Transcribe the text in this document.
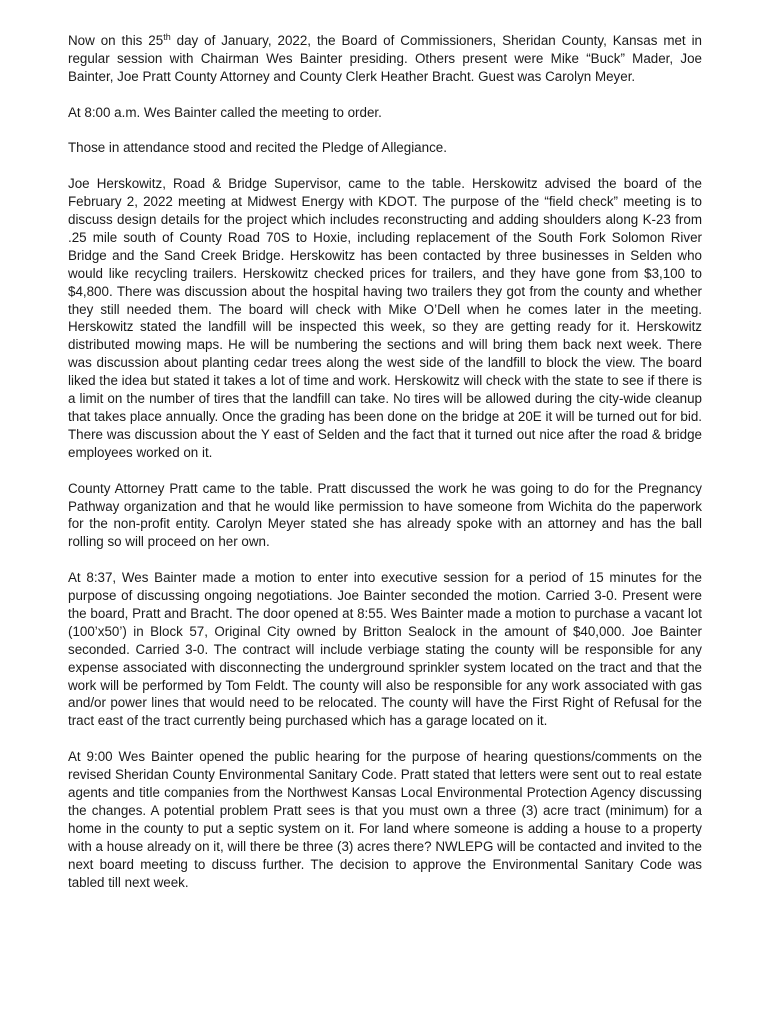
Now on this 25th day of January, 2022, the Board of Commissioners, Sheridan County, Kansas met in regular session with Chairman Wes Bainter presiding. Others present were Mike “Buck” Mader, Joe Bainter, Joe Pratt County Attorney and County Clerk Heather Bracht. Guest was Carolyn Meyer.

At 8:00 a.m. Wes Bainter called the meeting to order.

Those in attendance stood and recited the Pledge of Allegiance.

Joe Herskowitz, Road & Bridge Supervisor, came to the table. Herskowitz advised the board of the February 2, 2022 meeting at Midwest Energy with KDOT. The purpose of the “field check” meeting is to discuss design details for the project which includes reconstructing and adding shoulders along K-23 from .25 mile south of County Road 70S to Hoxie, including replacement of the South Fork Solomon River Bridge and the Sand Creek Bridge. Herskowitz has been contacted by three businesses in Selden who would like recycling trailers. Herskowitz checked prices for trailers, and they have gone from $3,100 to $4,800. There was discussion about the hospital having two trailers they got from the county and whether they still needed them. The board will check with Mike O’Dell when he comes later in the meeting. Herskowitz stated the landfill will be inspected this week, so they are getting ready for it. Herskowitz distributed mowing maps. He will be numbering the sections and will bring them back next week. There was discussion about planting cedar trees along the west side of the landfill to block the view. The board liked the idea but stated it takes a lot of time and work. Herskowitz will check with the state to see if there is a limit on the number of tires that the landfill can take. No tires will be allowed during the city-wide cleanup that takes place annually. Once the grading has been done on the bridge at 20E it will be turned out for bid. There was discussion about the Y east of Selden and the fact that it turned out nice after the road & bridge employees worked on it.

County Attorney Pratt came to the table. Pratt discussed the work he was going to do for the Pregnancy Pathway organization and that he would like permission to have someone from Wichita do the paperwork for the non-profit entity. Carolyn Meyer stated she has already spoke with an attorney and has the ball rolling so will proceed on her own.

At 8:37, Wes Bainter made a motion to enter into executive session for a period of 15 minutes for the purpose of discussing ongoing negotiations. Joe Bainter seconded the motion. Carried 3-0. Present were the board, Pratt and Bracht. The door opened at 8:55. Wes Bainter made a motion to purchase a vacant lot (100’x50’) in Block 57, Original City owned by Britton Sealock in the amount of $40,000. Joe Bainter seconded. Carried 3-0. The contract will include verbiage stating the county will be responsible for any expense associated with disconnecting the underground sprinkler system located on the tract and that the work will be performed by Tom Feldt. The county will also be responsible for any work associated with gas and/or power lines that would need to be relocated. The county will have the First Right of Refusal for the tract east of the tract currently being purchased which has a garage located on it.

At 9:00 Wes Bainter opened the public hearing for the purpose of hearing questions/comments on the revised Sheridan County Environmental Sanitary Code. Pratt stated that letters were sent out to real estate agents and title companies from the Northwest Kansas Local Environmental Protection Agency discussing the changes. A potential problem Pratt sees is that you must own a three (3) acre tract (minimum) for a home in the county to put a septic system on it. For land where someone is adding a house to a property with a house already on it, will there be three (3) acres there? NWLEPG will be contacted and invited to the next board meeting to discuss further. The decision to approve the Environmental Sanitary Code was tabled till next week.
